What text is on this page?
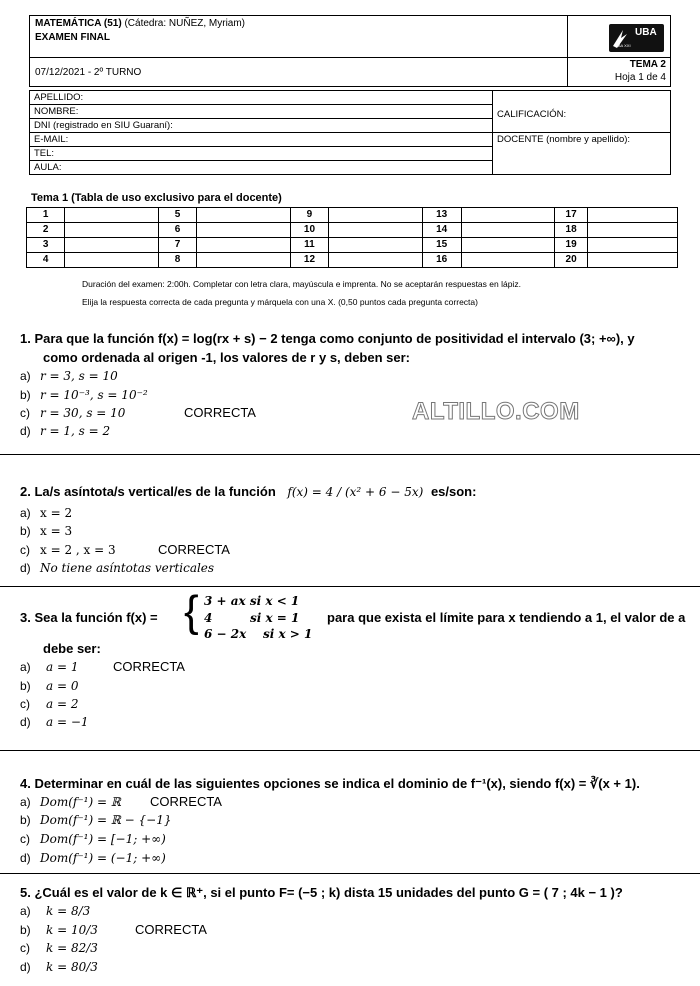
MATEMÁTICA (51) (Cátedra: NUÑEZ, Myriam)
EXAMEN FINAL
07/12/2021 - 2º TURNO
TEMA 2
Hoja 1 de 4
UBA
UBA XXI
APELLIDO:	CALIFICACIÓN:
NOMBRE:	
DNI (registrado en SIU Guaraní):	
E-MAIL:	DOCENTE (nombre y apellido):
TEL:	
AULA:	
Tema 1 (Tabla de uso exclusivo para el docente)
1		5		9		13		17	
2		6		10		14		18	
3		7		11		15		19	
4		8		12		16		20	
Duración del examen: 2:00h. Completar con letra clara, mayúscula e imprenta. No se aceptarán respuestas en lápiz.
Elija la respuesta correcta de cada pregunta y márquela con una X. (0,50 puntos cada pregunta correcta)
ALTILLO.COM
1. Para que la función f(x) = log(rx + s) − 2 tenga como conjunto de positividad el intervalo (3; +∞), y
como ordenada al origen -1, los valores de r y s, deben ser:
a) r = 3, s = 10
b) r = 10⁻³, s = 10⁻²
c) r = 30, s = 10	CORRECTA
d) r = 1, s = 2
2. La/s asíntota/s vertical/es de la función f(x) = 4 / (x² + 6 − 5x) es/son:
a) x = 2
b) x = 3
c) x = 2 , x = 3	CORRECTA
d) No tiene asíntotas verticales
3. Sea la función f(x) = { 3 + ax si x < 1
4         si x = 1
6 − 2x    si x > 1
para que exista el límite para x tendiendo a 1, el valor de a
debe ser:
a) a = 1	CORRECTA
b) a = 0
c) a = 2
d) a = −1
4. Determinar en cuál de las siguientes opciones se indica el dominio de f⁻¹(x), siendo f(x) = ∛(x + 1).
a) Dom(f⁻¹) = ℝ CORRECTA
b) Dom(f⁻¹) = ℝ − {−1}
c) Dom(f⁻¹) = [−1; +∞)
d) Dom(f⁻¹) = (−1; +∞)
5. ¿Cuál es el valor de k ∈ ℝ⁺, si el punto F= (−5 ; k) dista 15 unidades del punto G = ( 7 ; 4k − 1 )?
a) k = 8/3
b) k = 10/3	CORRECTA
c) k = 82/3
d) k = 80/3
